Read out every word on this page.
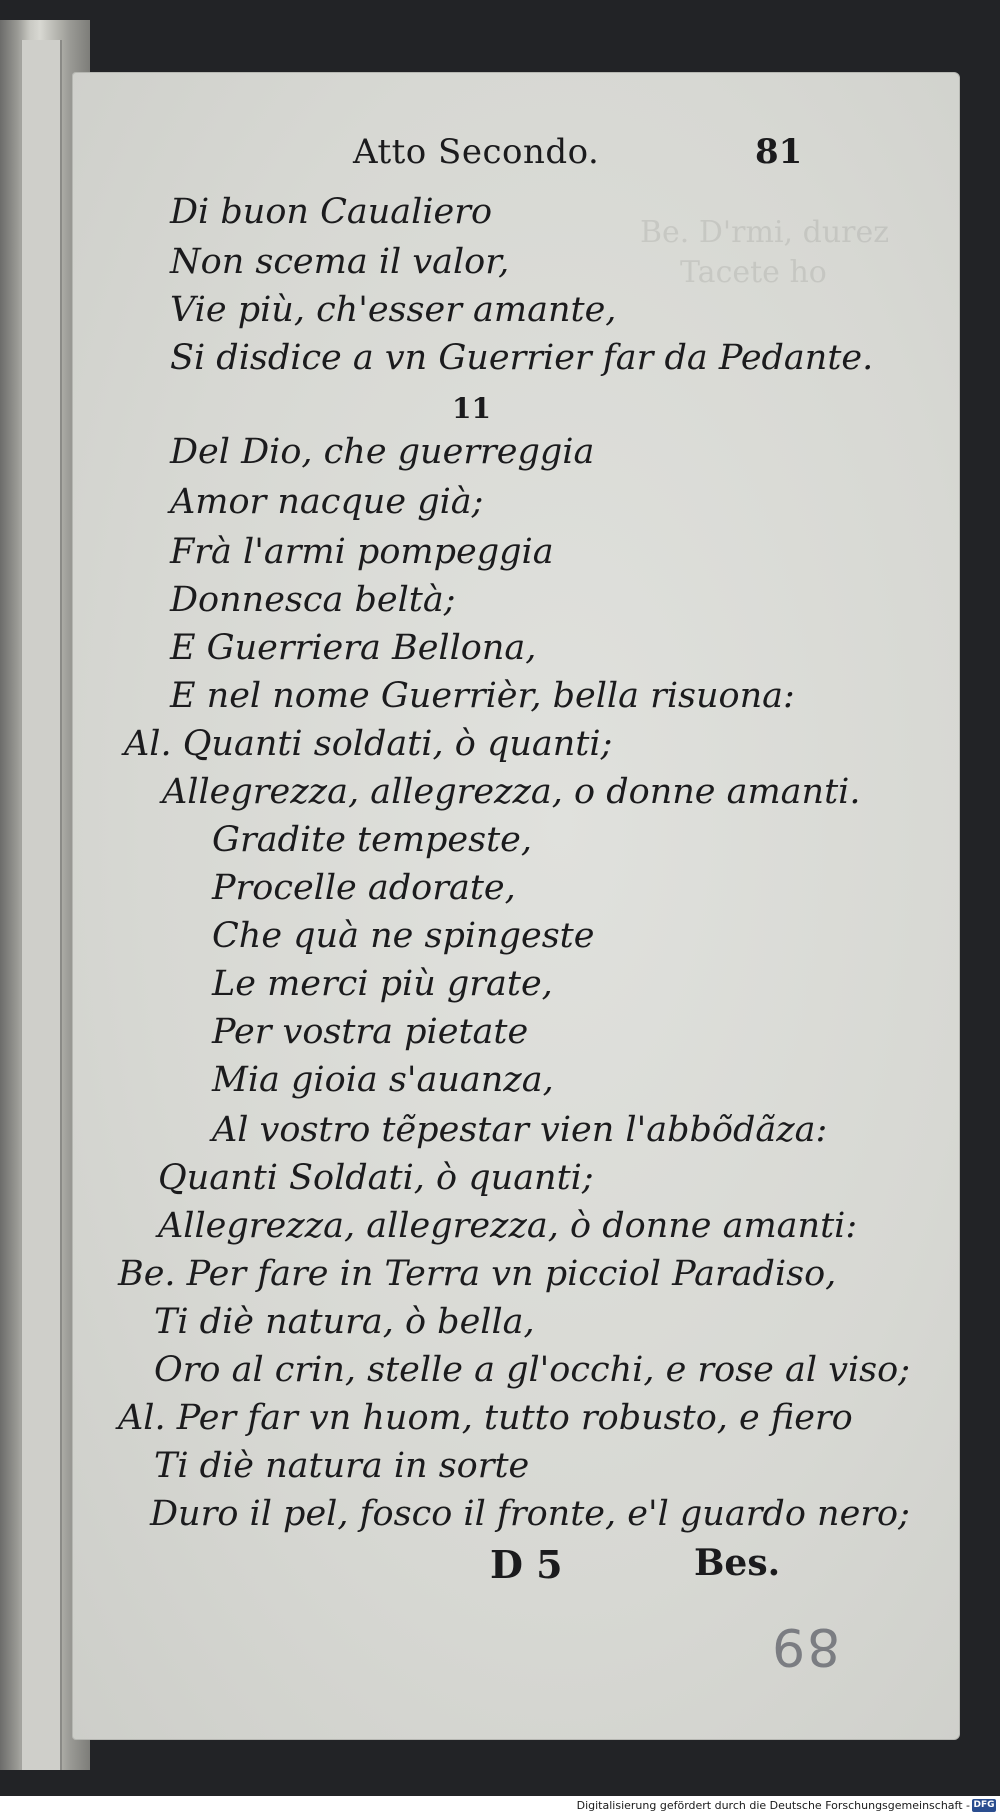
Be. D'rmi, durez
Tacete ho
Atto Secondo.	81
Di buon Caualiero
Non scema il valor,
Vie più, ch'esser amante,
Si disdice a vn Guerrier far da Pedante.
11
Del Dio, che guerreggia
Amor nacque già;
Frà l'armi pompeggia
Donnesca beltà;
E Guerriera Bellona,
E nel nome Guerrièr, bella risuona:
Al. Quanti soldati, ò quanti;
Allegrezza, allegrezza, o donne amanti.
Gradite tempeste,
Procelle adorate,
Che quà ne spingeste
Le merci più grate,
Per vostra pietate
Mia gioia s'auanza,
Al vostro tẽpestar vien l'abbõdãza:
Quanti Soldati, ò quanti;
Allegrezza, allegrezza, ò donne amanti:
Be. Per fare in Terra vn picciol Paradiso,
Ti diè natura, ò bella,
Oro al crin, stelle a gl'occhi, e rose al viso;
Al. Per far vn huom, tutto robusto, e fiero
Ti diè natura in sorte
Duro il pel, fosco il fronte, e'l guardo nero;
D 5	Bes.
89
Digitalisierung gefördert durch die Deutsche Forschungsgemeinschaft - DFG
